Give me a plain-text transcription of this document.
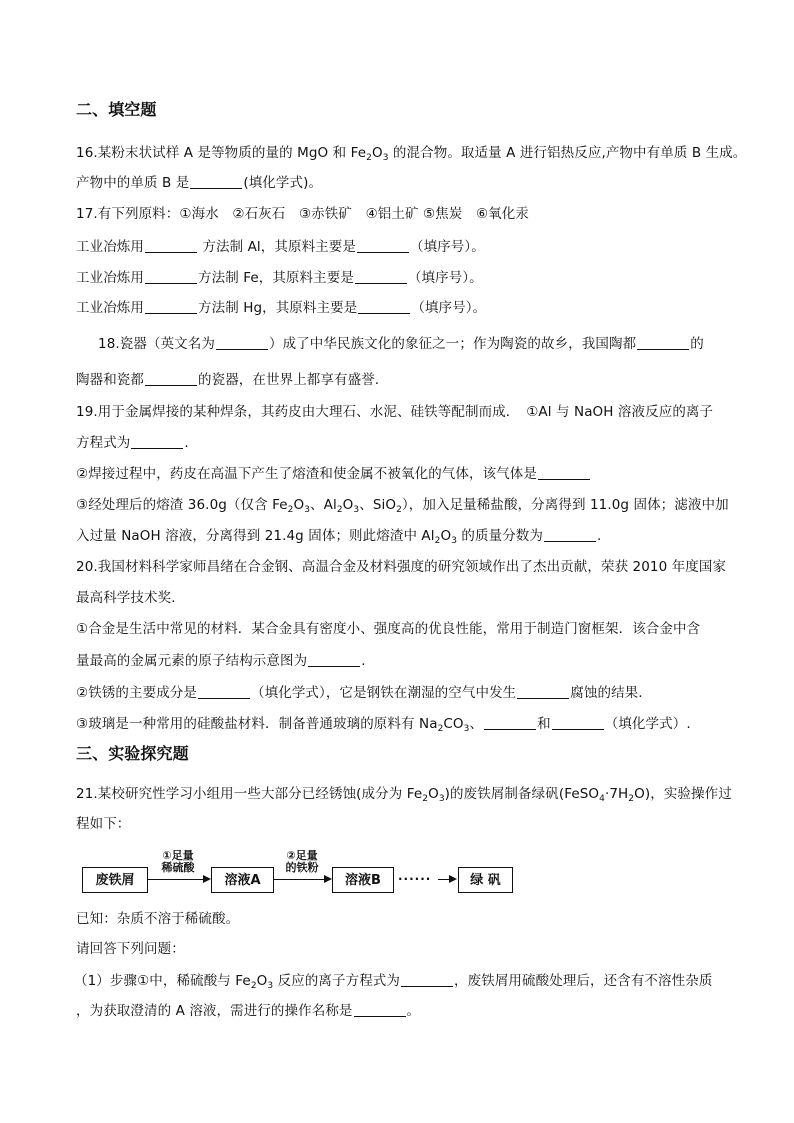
二、填空题
16.某粉末状试样 A 是等物质的量的 MgO 和 $Fe_2O_3$ 的混合物。取适量 A 进行铝热反应,产物中有单质 B 生成。
产物中的单质 B 是	(填化学式)。
17.有下列原料：①海水　②石灰石　③赤铁矿　④铝土矿 ⑤焦炭　⑥氧化汞
工业冶炼用	方法制 Al，其原料主要是	（填序号）。
工业冶炼用	方法制 Fe，其原料主要是	（填序号）。
工业冶炼用	方法制 Hg，其原料主要是	（填序号）。
18.瓷器（英文名为	）成了中华民族文化的象征之一；作为陶瓷的故乡，我国陶都	的
陶器和瓷都	的瓷器，在世界上都享有盛誉.
19.用于金属焊接的某种焊条，其药皮由大理石、水泥、硅铁等配制而成．　①Al 与 NaOH 溶液反应的离子
方程式为	.
②焊接过程中，药皮在高温下产生了熔渣和使金属不被氧化的气体，该气体是
③经处理后的熔渣 36.0g（仅含 $Fe_2O_3$、$Al_2O_3$、SiO$_2$），加入足量稀盐酸，分离得到 11.0g 固体；滤液中加
入过量 NaOH 溶液，分离得到 21.4g 固体；则此熔渣中 $Al_2O_3$ 的质量分数为	.
20.我国材料科学家师昌绪在合金钢、高温合金及材料强度的研究领域作出了杰出贡献，荣获 2010 年度国家
最高科学技术奖.
①合金是生活中常见的材料．某合金具有密度小、强度高的优良性能，常用于制造门窗框架．该合金中含
量最高的金属元素的原子结构示意图为	.
②铁锈的主要成分是	（填化学式），它是钢铁在潮湿的空气中发生	腐蚀的结果.
③玻璃是一种常用的硅酸盐材料．制备普通玻璃的原料有 $Na_2CO_3$、	和	（填化学式）.
三、实验探究题
21.某校研究性学习小组用一些大部分已经锈蚀(成分为 $Fe_2O_3$)的废铁屑制备绿矾$(FeSO_4\cdot 7H_2O)$，实验操作过
程如下：
废铁屑
①足量
稀硫酸
溶液A
②足量
的铁粉
溶液B	······	绿 矾
已知：杂质不溶于稀硫酸。
请回答下列问题：
（1）步骤①中，稀硫酸与 $Fe_2O_3$ 反应的离子方程式为	，废铁屑用硫酸处理后，还含有不溶性杂质
，为获取澄清的 A 溶液，需进行的操作名称是	。
